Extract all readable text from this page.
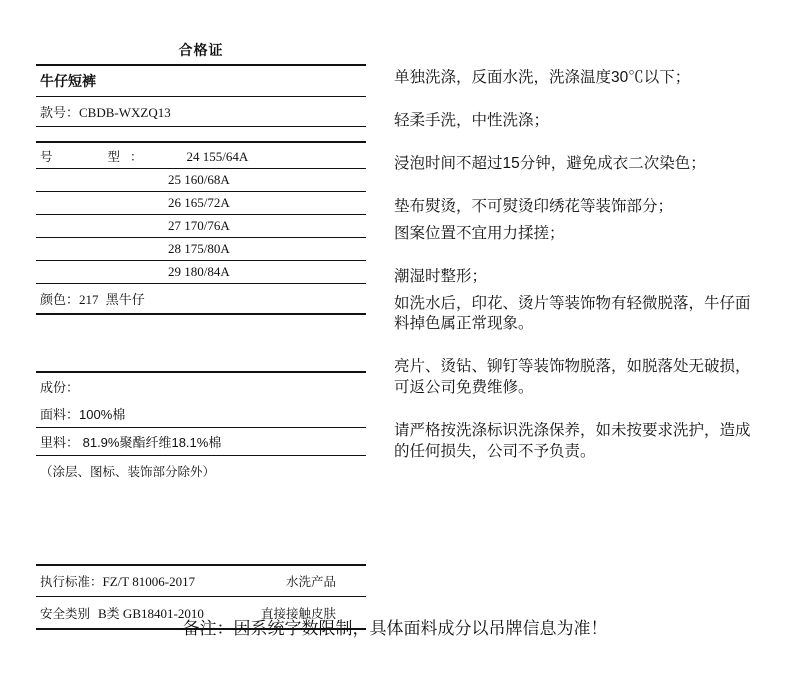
合格证
牛仔短裤
款号：CBDB-WXZQ13
号　　型：	24 155/64A
25 160/68A
26 165/72A
27 170/76A
28 175/80A
29 180/84A
颜色：217 黑牛仔
成份：
面料：100%棉
里料： 81.9%聚酯纤维18.1%棉
（涂层、图标、装饰部分除外）
执行标准： FZ/T 81006-2017	水洗产品
安全类别 B类 GB18401-2010	直接接触皮肤

单独洗涤，反面水洗，洗涤温度30℃以下；

轻柔手洗，中性洗涤；

浸泡时间不超过15分钟，避免成衣二次染色；

垫布熨烫，不可熨烫印绣花等装饰部分；

图案位置不宜用力揉搓；

潮湿时整形；

如洗水后，印花、烫片等装饰物有轻微脱落，牛仔面料掉色属正常现象。

亮片、烫钻、铆钉等装饰物脱落，如脱落处无破损，可返公司免费维修。

请严格按洗涤标识洗涤保养，如未按要求洗护，造成的任何损失，公司不予负责。

备注：因系统字数限制，具体面料成分以吊牌信息为准！
